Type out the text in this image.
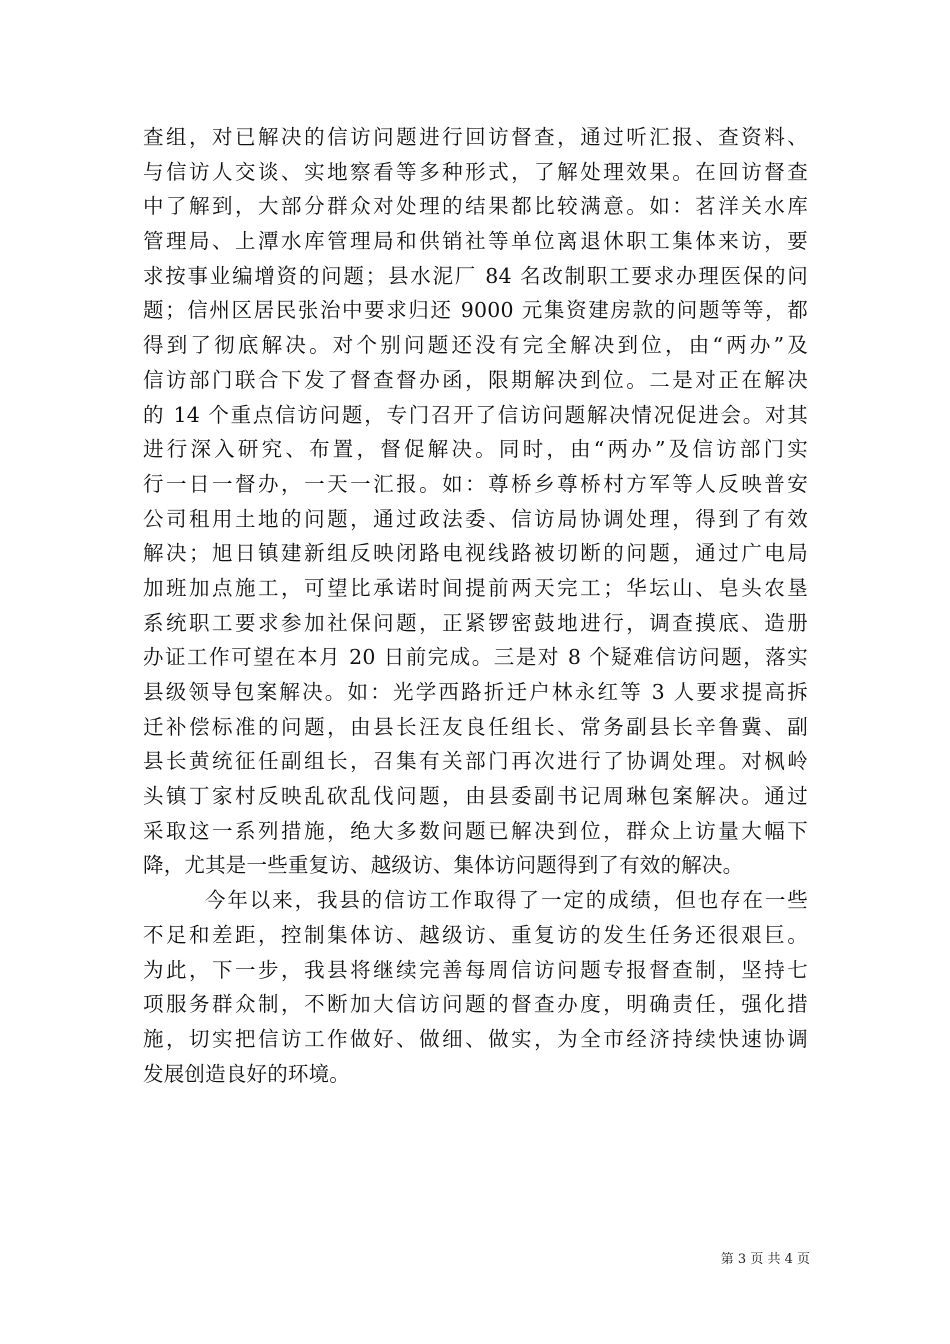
查组，对已解决的信访问题进行回访督查，通过听汇报、查资料、
与信访人交谈、实地察看等多种形式，了解处理效果。在回访督查
中了解到，大部分群众对处理的结果都比较满意。如：茗洋关水库
管理局、上潭水库管理局和供销社等单位离退休职工集体来访，要
求按事业编增资的问题；县水泥厂 84 名改制职工要求办理医保的问
题；信州区居民张治中要求归还 9000 元集资建房款的问题等等，都
得到了彻底解决。对个别问题还没有完全解决到位，由“两办”及
信访部门联合下发了督查督办函，限期解决到位。二是对正在解决
的 14 个重点信访问题，专门召开了信访问题解决情况促进会。对其
进行深入研究、布置，督促解决。同时，由“两办”及信访部门实
行一日一督办，一天一汇报。如：尊桥乡尊桥村方军等人反映普安
公司租用土地的问题，通过政法委、信访局协调处理，得到了有效
解决；旭日镇建新组反映闭路电视线路被切断的问题，通过广电局
加班加点施工，可望比承诺时间提前两天完工；华坛山、皂头农垦
系统职工要求参加社保问题，正紧锣密鼓地进行，调查摸底、造册
办证工作可望在本月 20 日前完成。三是对 8 个疑难信访问题，落实
县级领导包案解决。如：光学西路折迁户林永红等 3 人要求提高拆
迁补偿标准的问题，由县长汪友良任组长、常务副县长辛鲁冀、副
县长黄统征任副组长，召集有关部门再次进行了协调处理。对枫岭
头镇丁家村反映乱砍乱伐问题，由县委副书记周琳包案解决。通过
采取这一系列措施，绝大多数问题已解决到位，群众上访量大幅下
降，尤其是一些重复访、越级访、集体访问题得到了有效的解决。
今年以来，我县的信访工作取得了一定的成绩，但也存在一些
不足和差距，控制集体访、越级访、重复访的发生任务还很艰巨。
为此，下一步，我县将继续完善每周信访问题专报督查制，坚持七
项服务群众制，不断加大信访问题的督查办度，明确责任，强化措
施，切实把信访工作做好、做细、做实，为全市经济持续快速协调
发展创造良好的环境。
第 3 页 共 4 页
